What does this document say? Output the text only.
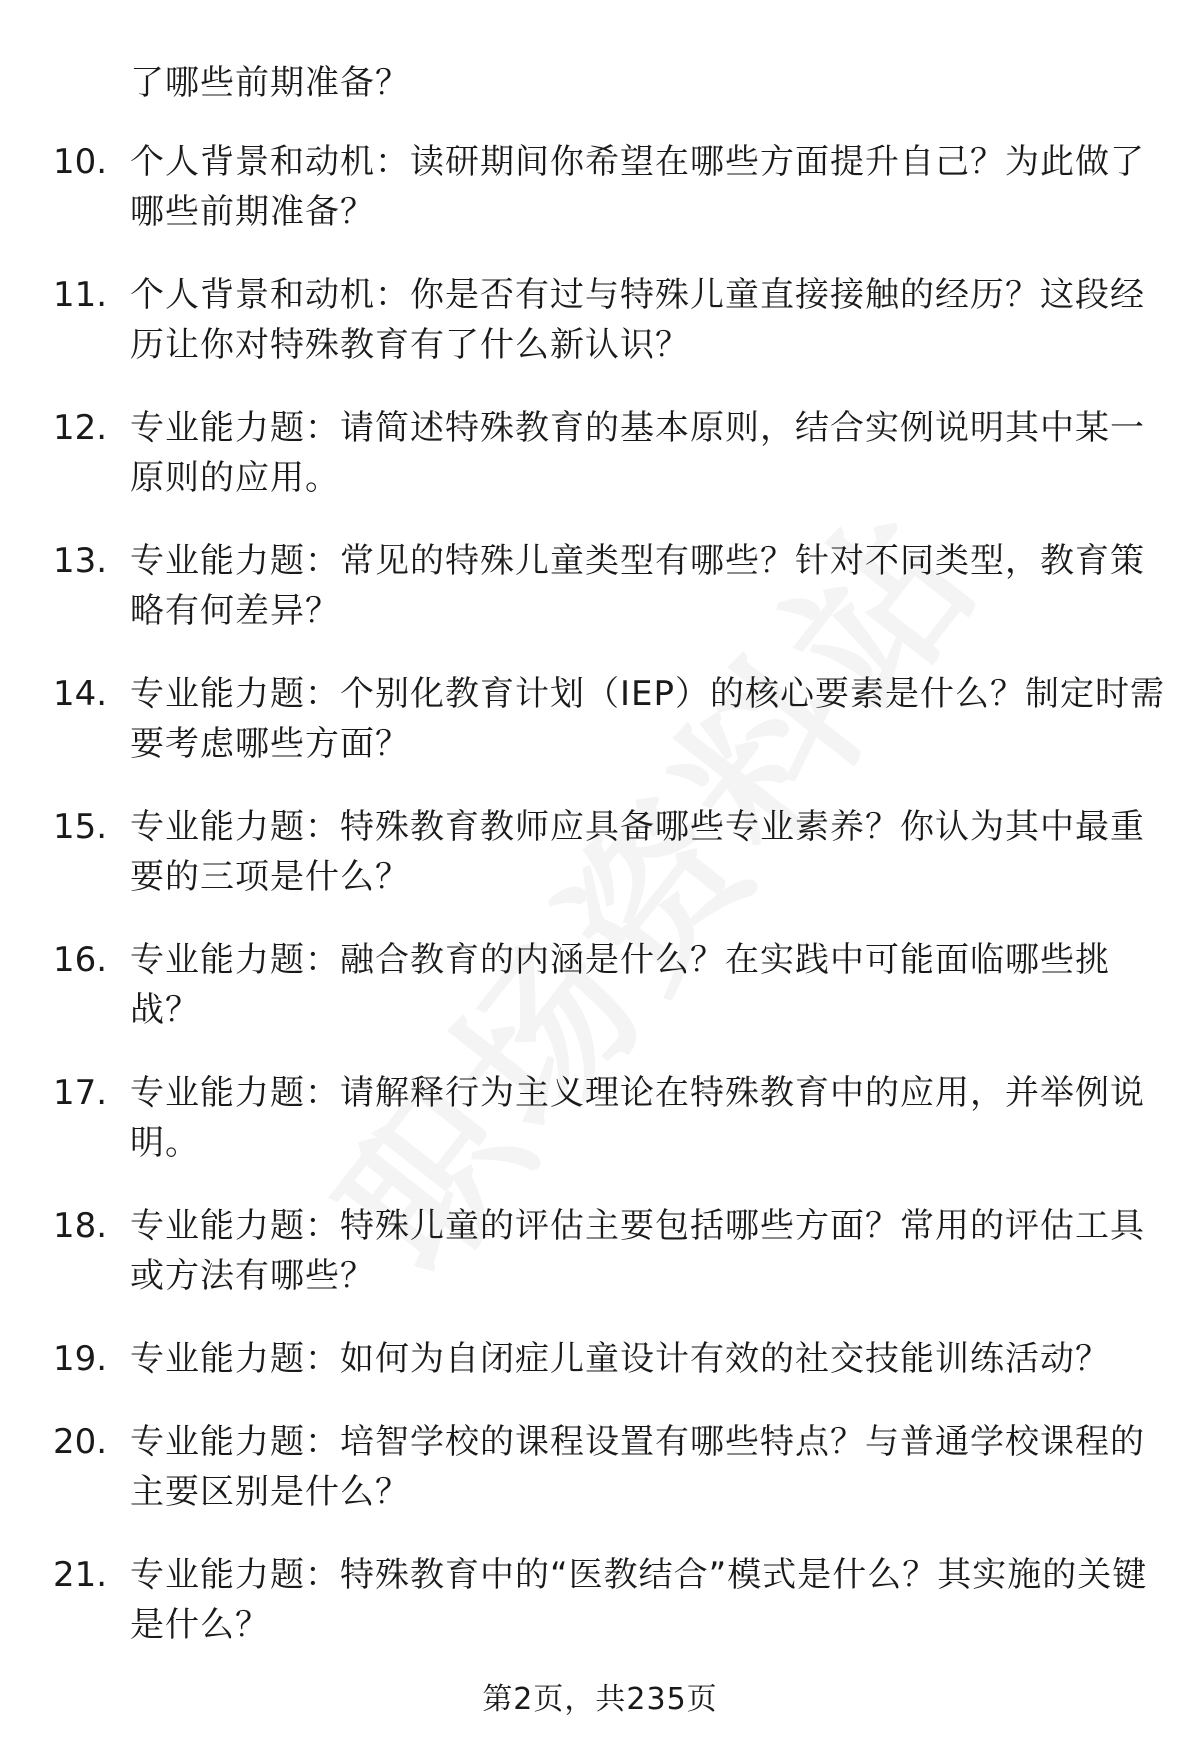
了哪些前期准备？

10. 个人背景和动机：读研期间你希望在哪些方面提升自己？为此做了哪些前期准备？
11. 个人背景和动机：你是否有过与特殊儿童直接接触的经历？这段经历让你对特殊教育有了什么新认识？
12. 专业能力题：请简述特殊教育的基本原则，结合实例说明其中某一原则的应用。
13. 专业能力题：常见的特殊儿童类型有哪些？针对不同类型，教育策略有何差异？
14. 专业能力题：个别化教育计划（IEP）的核心要素是什么？制定时需要考虑哪些方面？
15. 专业能力题：特殊教育教师应具备哪些专业素养？你认为其中最重要的三项是什么？
16. 专业能力题：融合教育的内涵是什么？在实践中可能面临哪些挑战？
17. 专业能力题：请解释行为主义理论在特殊教育中的应用，并举例说明。
18. 专业能力题：特殊儿童的评估主要包括哪些方面？常用的评估工具或方法有哪些？
19. 专业能力题：如何为自闭症儿童设计有效的社交技能训练活动？
20. 专业能力题：培智学校的课程设置有哪些特点？与普通学校课程的主要区别是什么？
21. 专业能力题：特殊教育中的“医教结合”模式是什么？其实施的关键是什么？
第2页，共235页
